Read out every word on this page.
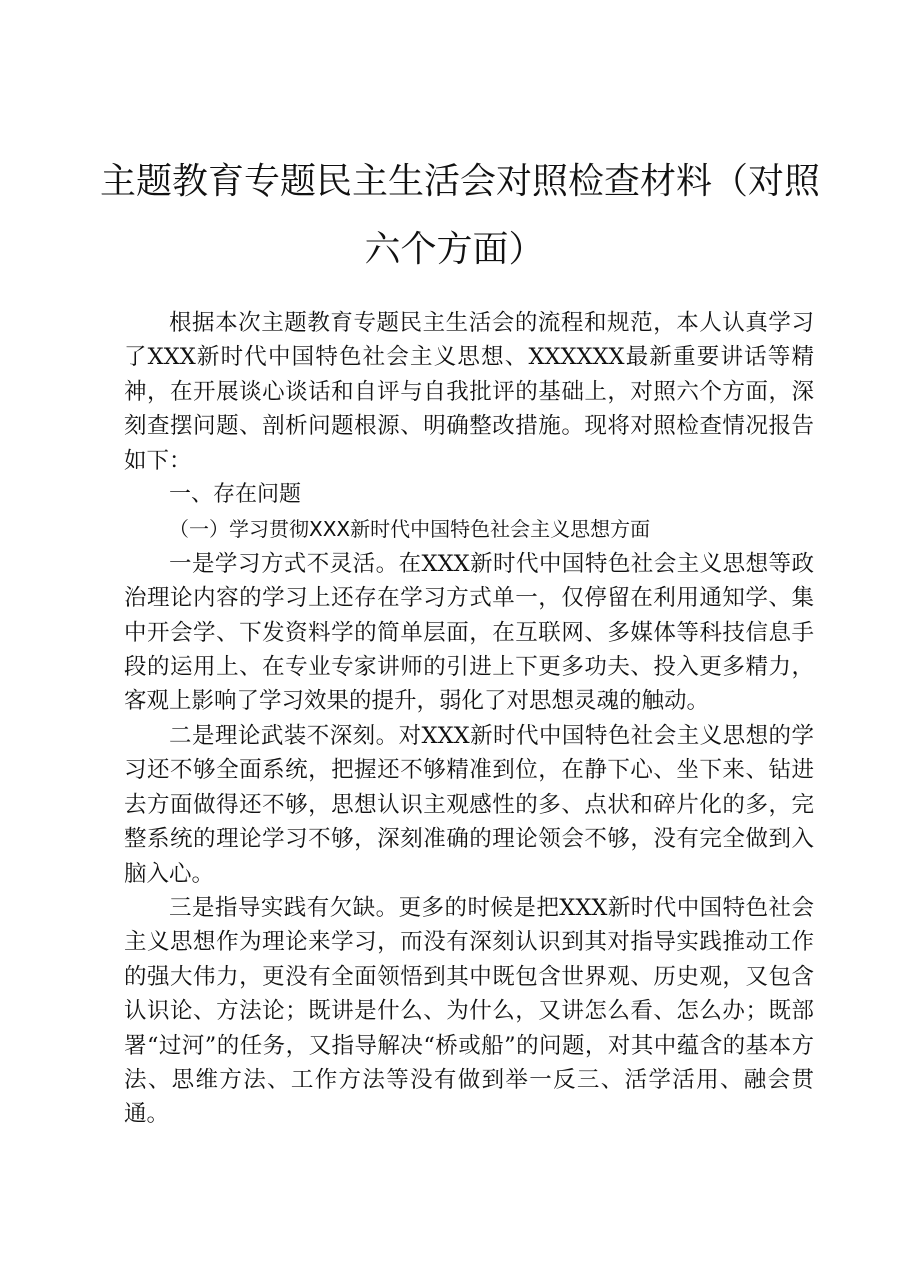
主题教育专题民主生活会对照检查材料（对照
六个方面）

根据本次主题教育专题民主生活会的流程和规范，本人认真学习了XXX新时代中国特色社会主义思想、XXXXXX最新重要讲话等精神，在开展谈心谈话和自评与自我批评的基础上，对照六个方面，深刻查摆问题、剖析问题根源、明确整改措施。现将对照检查情况报告如下：

一、存在问题

（一）学习贯彻XXX新时代中国特色社会主义思想方面

一是学习方式不灵活。在XXX新时代中国特色社会主义思想等政治理论内容的学习上还存在学习方式单一，仅停留在利用通知学、集中开会学、下发资料学的简单层面，在互联网、多媒体等科技信息手段的运用上、在专业专家讲师的引进上下更多功夫、投入更多精力，客观上影响了学习效果的提升，弱化了对思想灵魂的触动。

二是理论武装不深刻。对XXX新时代中国特色社会主义思想的学习还不够全面系统，把握还不够精准到位，在静下心、坐下来、钻进去方面做得还不够，思想认识主观感性的多、点状和碎片化的多，完整系统的理论学习不够，深刻准确的理论领会不够，没有完全做到入脑入心。

三是指导实践有欠缺。更多的时候是把XXX新时代中国特色社会主义思想作为理论来学习，而没有深刻认识到其对指导实践推动工作的强大伟力，更没有全面领悟到其中既包含世界观、历史观，又包含认识论、方法论；既讲是什么、为什么，又讲怎么看、怎么办；既部署“过河”的任务，又指导解决“桥或船”的问题，对其中蕴含的基本方法、思维方法、工作方法等没有做到举一反三、活学活用、融会贯通。
